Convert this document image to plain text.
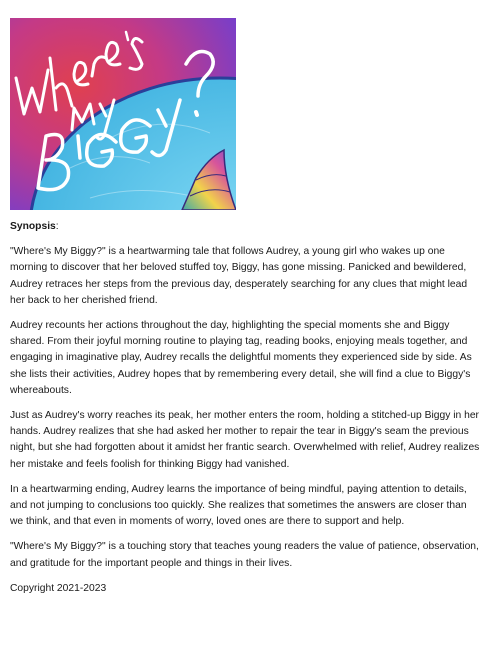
Synopsis:

"Where's My Biggy?" is a heartwarming tale that follows Audrey, a young girl who wakes up one morning to discover that her beloved stuffed toy, Biggy, has gone missing. Panicked and bewildered, Audrey retraces her steps from the previous day, desperately searching for any clues that might lead her back to her cherished friend.

Audrey recounts her actions throughout the day, highlighting the special moments she and Biggy shared. From their joyful morning routine to playing tag, reading books, enjoying meals together, and engaging in imaginative play, Audrey recalls the delightful moments they experienced side by side. As she lists their activities, Audrey hopes that by remembering every detail, she will find a clue to Biggy's whereabouts.

Just as Audrey's worry reaches its peak, her mother enters the room, holding a stitched-up Biggy in her hands. Audrey realizes that she had asked her mother to repair the tear in Biggy's seam the previous night, but she had forgotten about it amidst her frantic search. Overwhelmed with relief, Audrey realizes her mistake and feels foolish for thinking Biggy had vanished.

In a heartwarming ending, Audrey learns the importance of being mindful, paying attention to details, and not jumping to conclusions too quickly. She realizes that sometimes the answers are closer than we think, and that even in moments of worry, loved ones are there to support and help.

"Where's My Biggy?" is a touching story that teaches young readers the value of patience, observation, and gratitude for the important people and things in their lives.

Copyright 2021-2023
